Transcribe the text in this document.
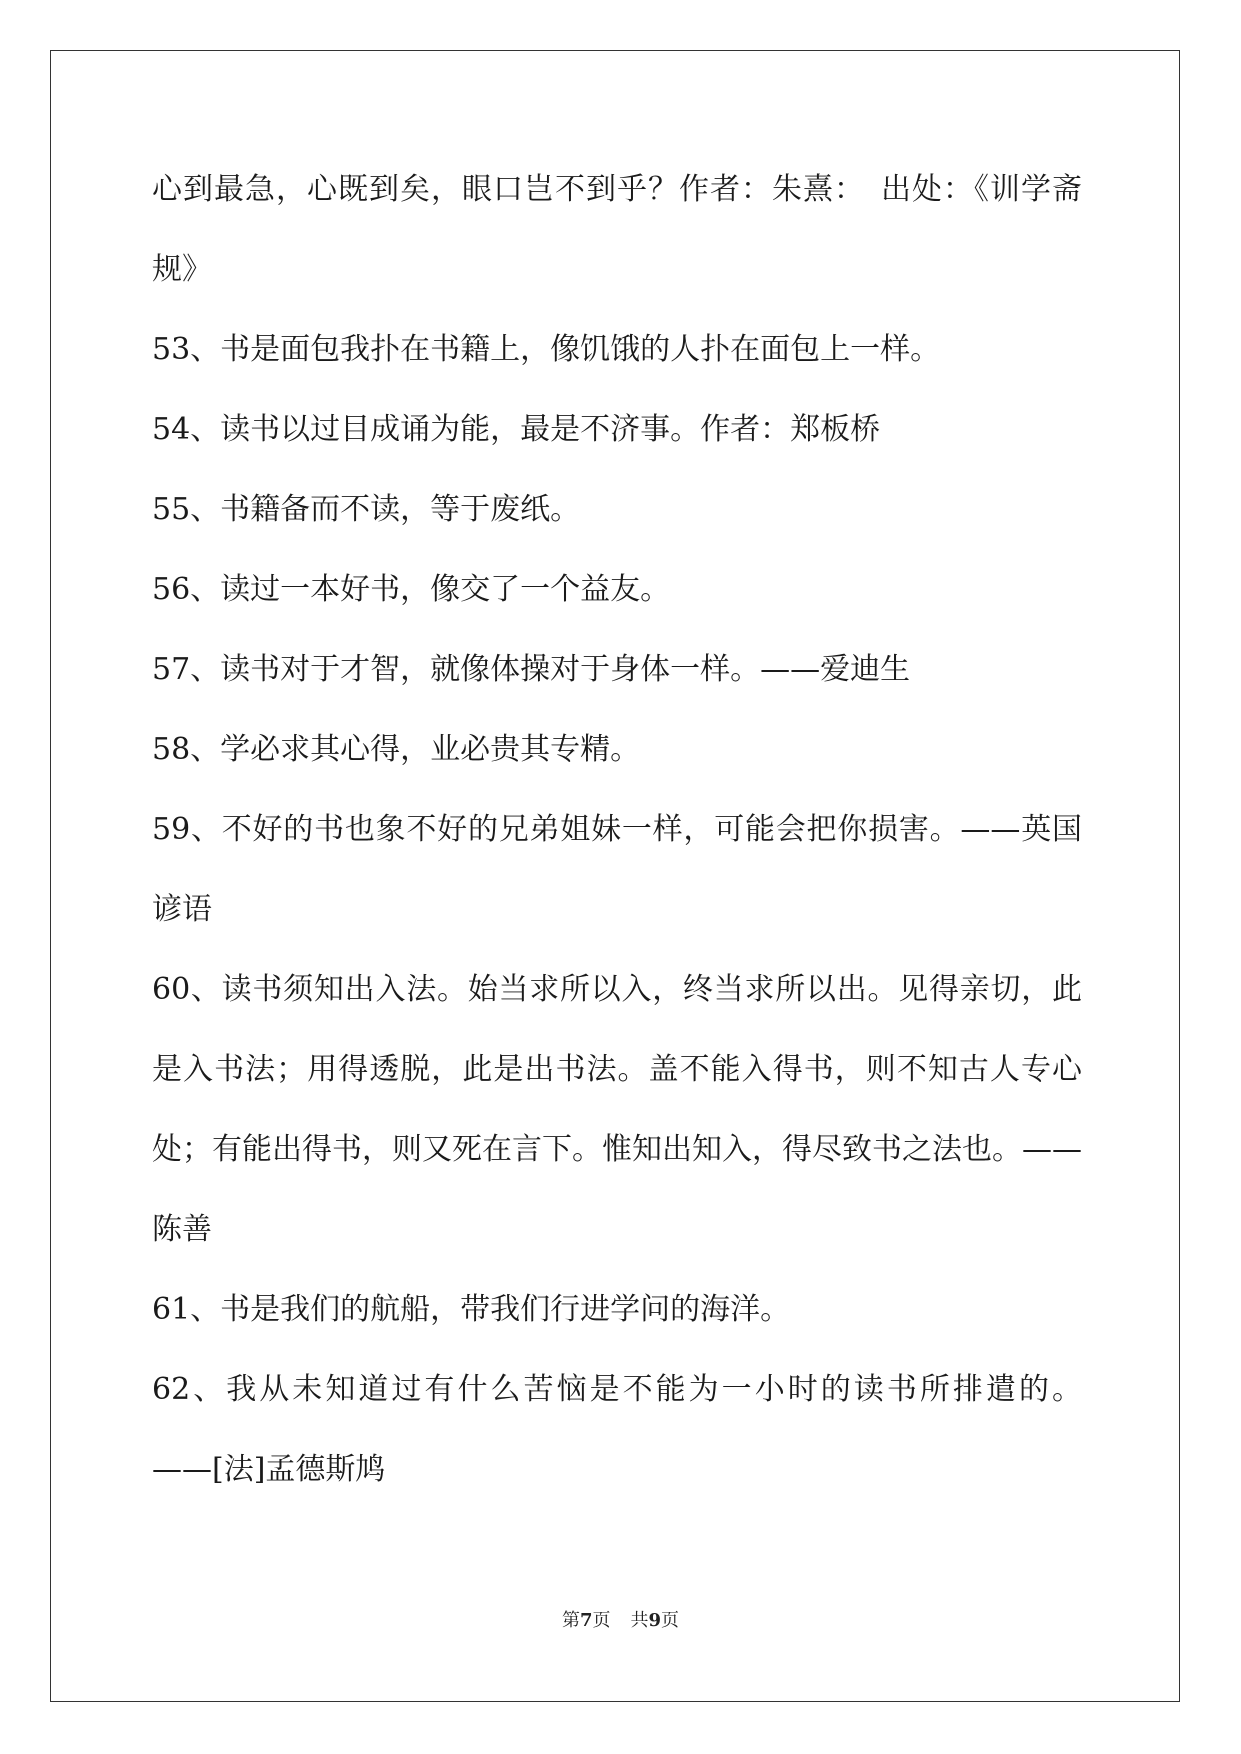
心到最急，心既到矣，眼口岂不到乎？作者：朱熹：　出处：《训学斋
规》
53、书是面包我扑在书籍上，像饥饿的人扑在面包上一样。
54、读书以过目成诵为能，最是不济事。作者：郑板桥
55、书籍备而不读，等于废纸。
56、读过一本好书，像交了一个益友。
57、读书对于才智，就像体操对于身体一样。——爱迪生
58、学必求其心得，业必贵其专精。
59、不好的书也象不好的兄弟姐妹一样，可能会把你损害。——英国
谚语
60、读书须知出入法。始当求所以入，终当求所以出。见得亲切，此
是入书法；用得透脱，此是出书法。盖不能入得书，则不知古人专心
处；有能出得书，则又死在言下。惟知出知入，得尽致书之法也。——
陈善
61、书是我们的航船，带我们行进学问的海洋。
62、我从未知道过有什么苦恼是不能为一小时的读书所排遣的。
——[法]孟德斯鸠
第7页 共9页
